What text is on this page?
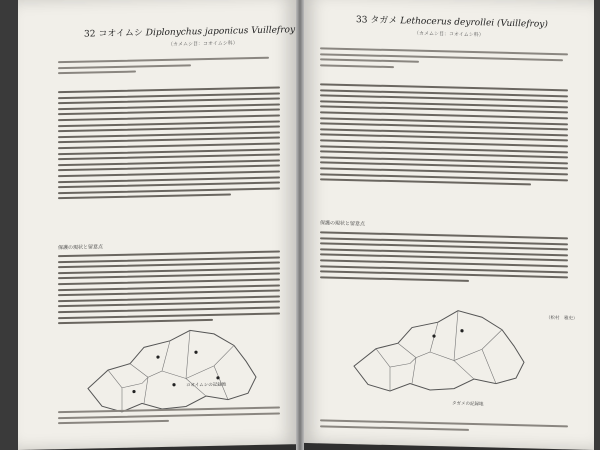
32 コオイムシ Diplonychus japonicus Vuillefroy
（カメムシ目：コオイムシ科）
保護の現状と留意点
コオイムシの記録地
33 タガメ Lethocerus deyrollei (Vuillefroy)
（カメムシ目：コオイムシ科）
保護の現状と留意点
（松村　雅史）
タガメの記録地
